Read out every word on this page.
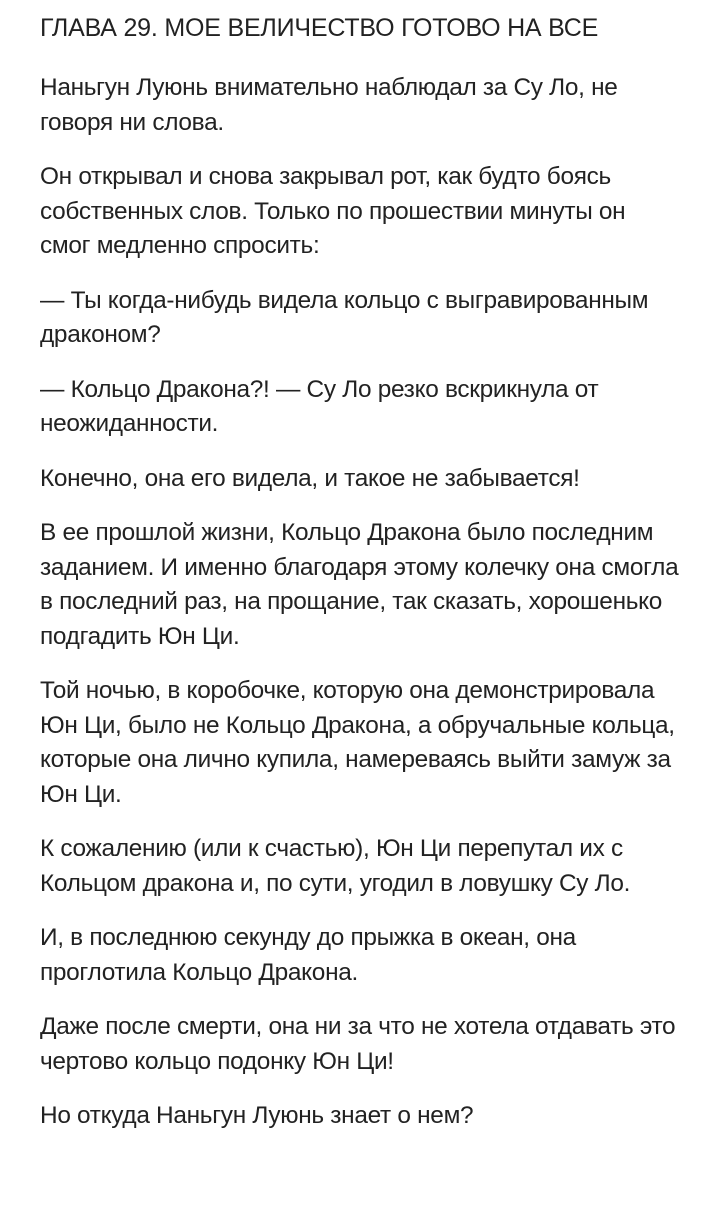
ГЛАВА 29. МОЕ ВЕЛИЧЕСТВО ГОТОВО НА ВСЕ

Наньгун Луюнь внимательно наблюдал за Су Ло, не говоря ни слова.

Он открывал и снова закрывал рот, как будто боясь собственных слов. Только по прошествии минуты он смог медленно спросить:

— Ты когда-нибудь видела кольцо с выгравированным драконом?

— Кольцо Дракона?! — Су Ло резко вскрикнула от неожиданности.

Конечно, она его видела, и такое не забывается!

В ее прошлой жизни, Кольцо Дракона было последним заданием. И именно благодаря этому колечку она смогла в последний раз, на прощание, так сказать, хорошенько подгадить Юн Ци.

Той ночью, в коробочке, которую она демонстрировала Юн Ци, было не Кольцо Дракона, а обручальные кольца, которые она лично купила, намереваясь выйти замуж за Юн Ци.

К сожалению (или к счастью), Юн Ци перепутал их с Кольцом дракона и, по сути, угодил в ловушку Су Ло.

И, в последнюю секунду до прыжка в океан, она проглотила Кольцо Дракона.

Даже после смерти, она ни за что не хотела отдавать это чертово кольцо подонку Юн Ци!

Но откуда Наньгун Луюнь знает о нем?
